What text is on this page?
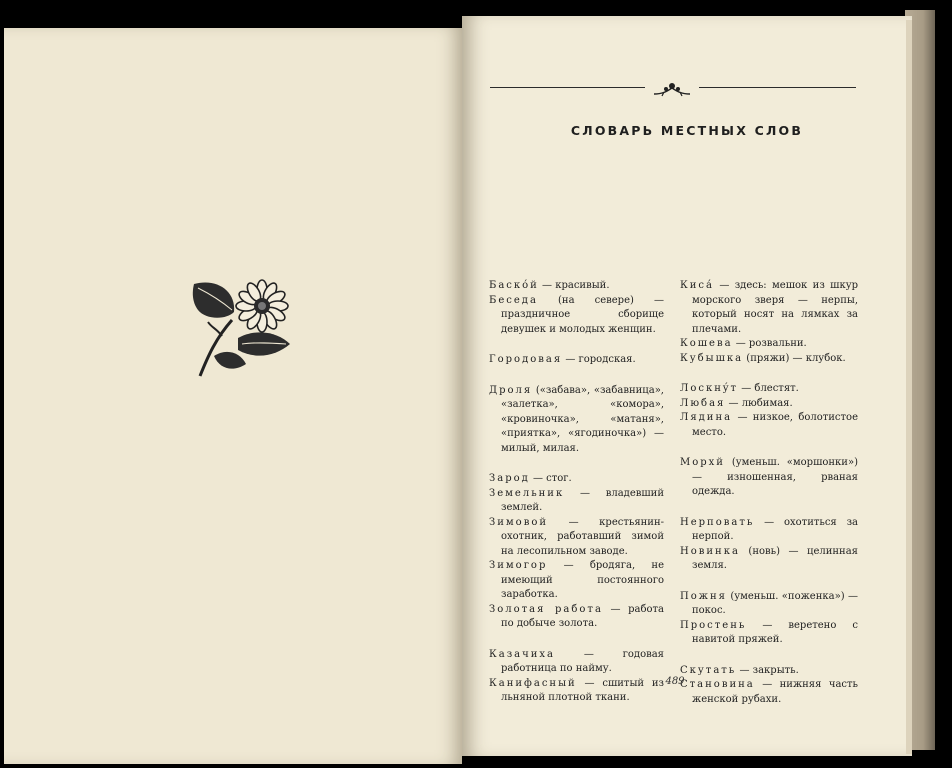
СЛОВАРЬ МЕСТНЫХ СЛОВ

Баскóй — красивый.

Беседа (на севере) — праздничное сборище девушек и молодых женщин.

Городовая — городская.

Дроля («забава», «забавница», «залетка», «комора», «кровиночка», «матаня», «приятка», «ягодиночка») — милый, милая.

Зарод — стог.

Земельник — владевший землей.

Зимовой — крестьянин-охотник, работавший зимой на лесопильном заводе.

Зимогор — бродяга, не имеющий постоянного заработка.

Золотая работа — работа по добыче золота.

Казачиха — годовая работница по найму.

Канифасный — сшитый из льняной плотной ткани.

Кисá — здесь: мешок из шкур морского зверя — нерпы, который носят на лямках за плечами.

Кошева — розвальни.

Кубышка (пряжи) — клубок.

Лоскнýт — блестят.

Любая — любимая.

Лядина — низкое, болотистое место.

Морхй (уменьш. «моршонки») — изношенная, рваная одежда.

Нерповать — охотиться за нерпой.

Новинка (новь) — целинная земля.

Пожня (уменьш. «поженка») — покос.

Простень — веретено с навитой пряжей.

Скутать — закрыть.

Становина — нижняя часть женской рубахи.

489
